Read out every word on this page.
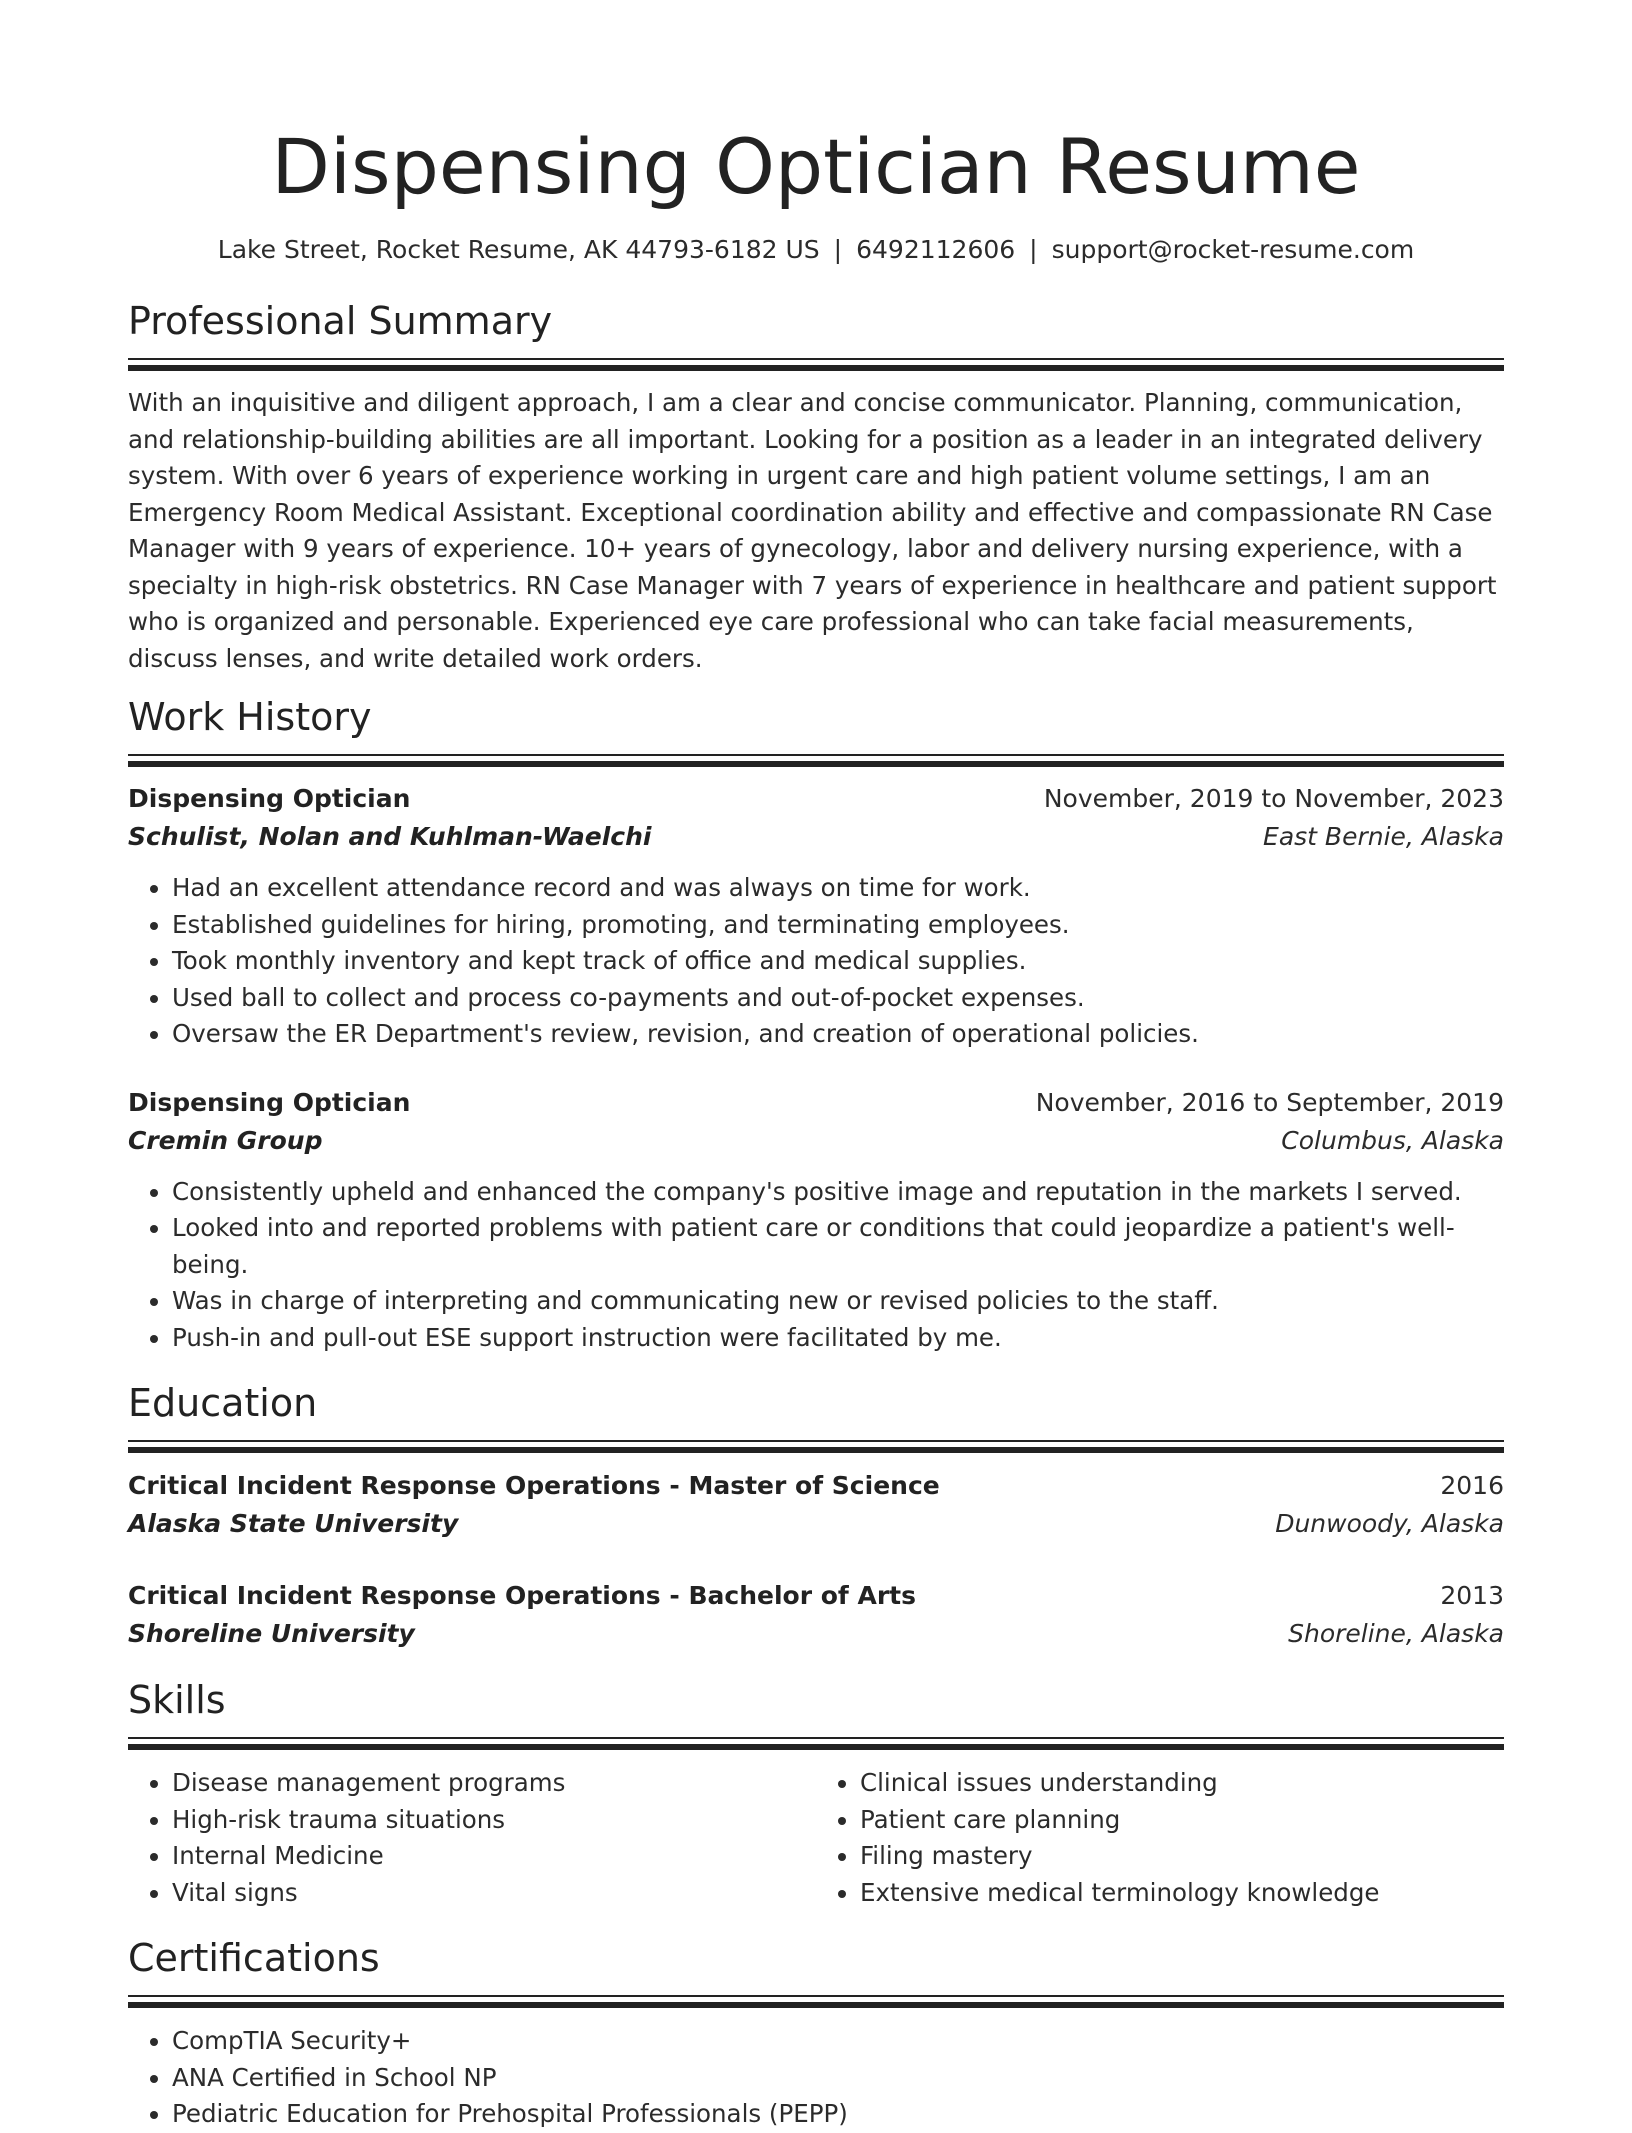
Dispensing Optician Resume
Lake Street, Rocket Resume, AK 44793-6182 US | 6492112606 | support@rocket-resume.com
Professional Summary
With an inquisitive and diligent approach, I am a clear and concise communicator. Planning, communication, and relationship-building abilities are all important. Looking for a position as a leader in an integrated delivery system. With over 6 years of experience working in urgent care and high patient volume settings, I am an Emergency Room Medical Assistant. Exceptional coordination ability and effective and compassionate RN Case Manager with 9 years of experience. 10+ years of gynecology, labor and delivery nursing experience, with a specialty in high-risk obstetrics. RN Case Manager with 7 years of experience in healthcare and patient support who is organized and personable. Experienced eye care professional who can take facial measurements, discuss lenses, and write detailed work orders.
Work History
Dispensing Optician	November, 2019 to November, 2023
Schulist, Nolan and Kuhlman-Waelchi	East Bernie, Alaska
• Had an excellent attendance record and was always on time for work.
• Established guidelines for hiring, promoting, and terminating employees.
• Took monthly inventory and kept track of office and medical supplies.
• Used ball to collect and process co-payments and out-of-pocket expenses.
• Oversaw the ER Department's review, revision, and creation of operational policies.
Dispensing Optician	November, 2016 to September, 2019
Cremin Group	Columbus, Alaska
• Consistently upheld and enhanced the company's positive image and reputation in the markets I served.
• Looked into and reported problems with patient care or conditions that could jeopardize a patient's well-being.
• Was in charge of interpreting and communicating new or revised policies to the staff.
• Push-in and pull-out ESE support instruction were facilitated by me.
Education
Critical Incident Response Operations - Master of Science	2016
Alaska State University	Dunwoody, Alaska
Critical Incident Response Operations - Bachelor of Arts	2013
Shoreline University	Shoreline, Alaska
Skills
• Disease management programs
• High-risk trauma situations
• Internal Medicine
• Vital signs
• Clinical issues understanding
• Patient care planning
• Filing mastery
• Extensive medical terminology knowledge
Certifications
• CompTIA Security+
• ANA Certified in School NP
• Pediatric Education for Prehospital Professionals (PEPP)
